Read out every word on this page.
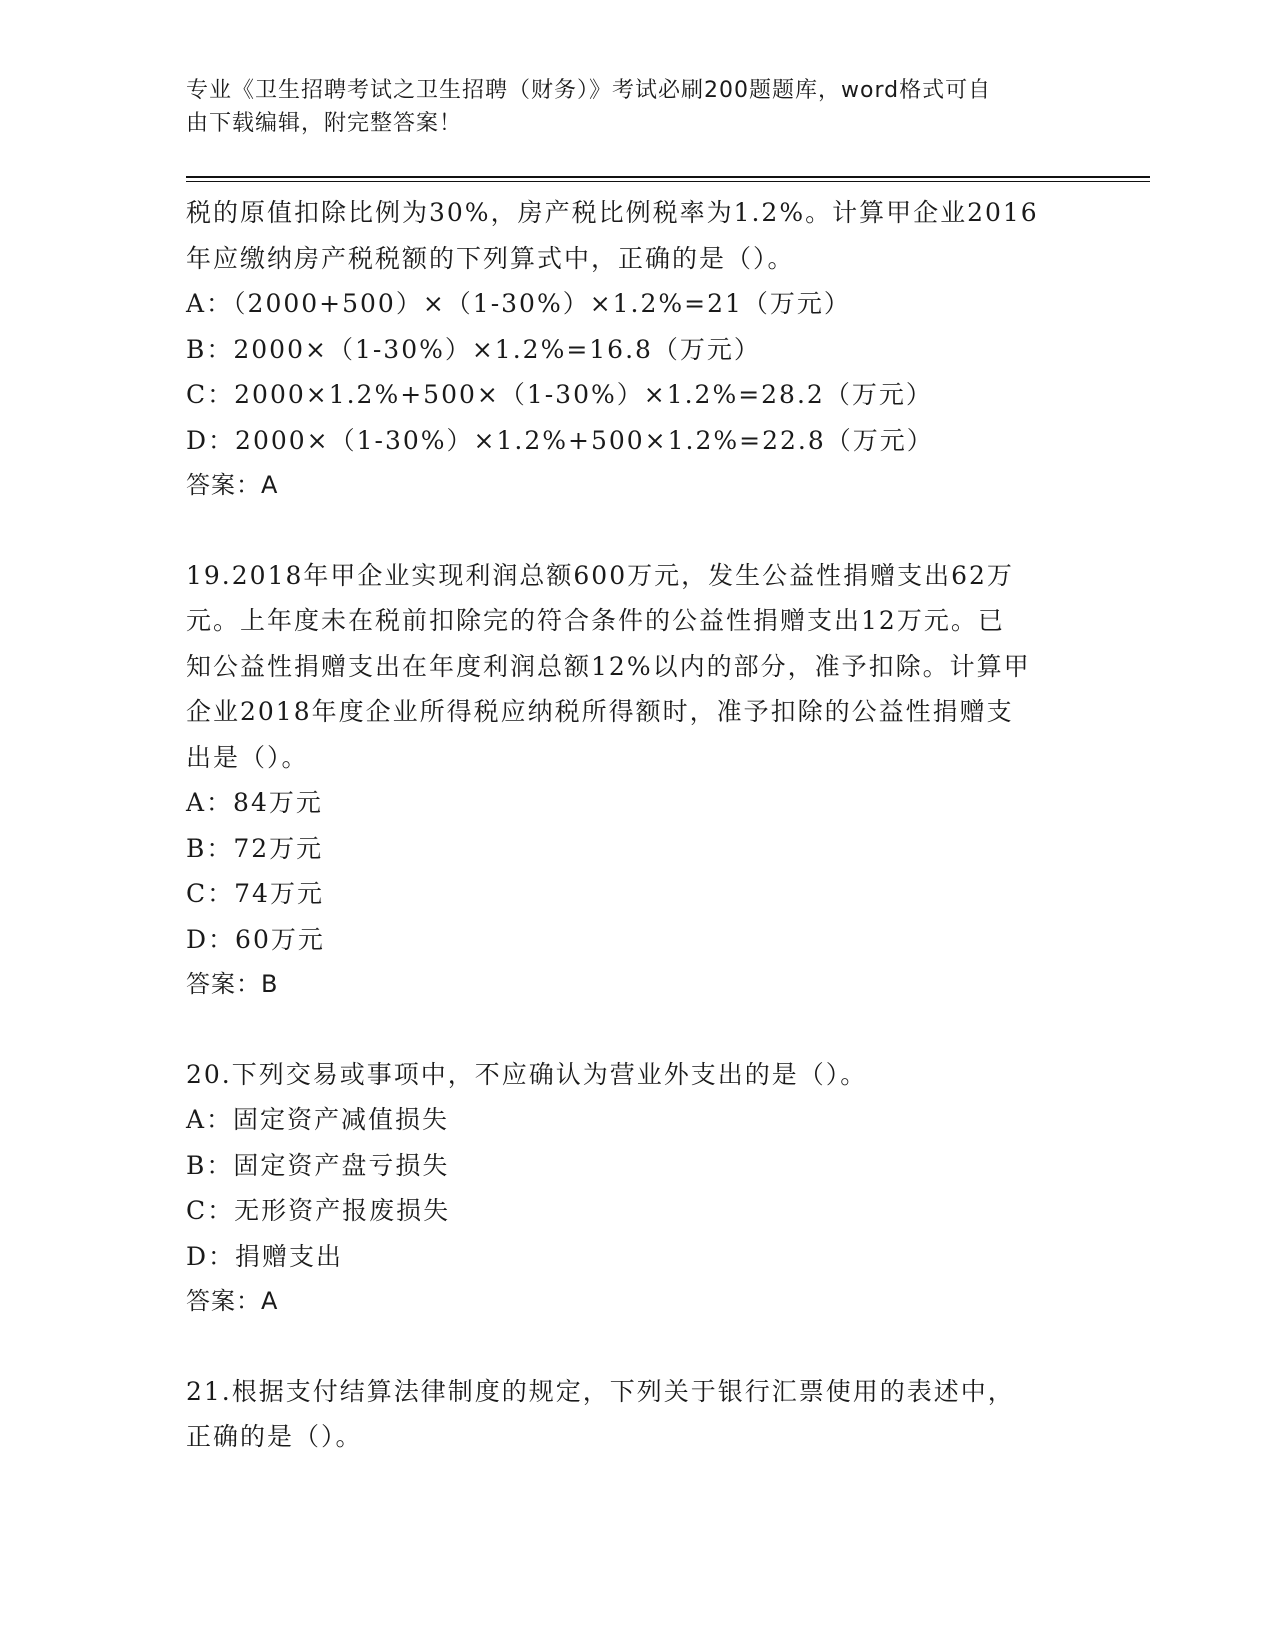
专业《卫生招聘考试之卫生招聘（财务）》考试必刷200题题库，word格式可自
由下载编辑，附完整答案！
税的原值扣除比例为30%，房产税比例税率为1.2%。计算甲企业2016
年应缴纳房产税税额的下列算式中，正确的是（）。
A：（2000+500）×（1-30%）×1.2%=21（万元）
B：2000×（1-30%）×1.2%=16.8（万元）
C：2000×1.2%+500×（1-30%）×1.2%=28.2（万元）
D：2000×（1-30%）×1.2%+500×1.2%=22.8（万元）
答案：A
19.2018年甲企业实现利润总额600万元，发生公益性捐赠支出62万
元。上年度未在税前扣除完的符合条件的公益性捐赠支出12万元。已
知公益性捐赠支出在年度利润总额12%以内的部分，准予扣除。计算甲
企业2018年度企业所得税应纳税所得额时，准予扣除的公益性捐赠支
出是（）。
A：84万元
B：72万元
C：74万元
D：60万元
答案：B
20.下列交易或事项中，不应确认为营业外支出的是（）。
A：固定资产减值损失
B：固定资产盘亏损失
C：无形资产报废损失
D：捐赠支出
答案：A
21.根据支付结算法律制度的规定，下列关于银行汇票使用的表述中，
正确的是（）。
